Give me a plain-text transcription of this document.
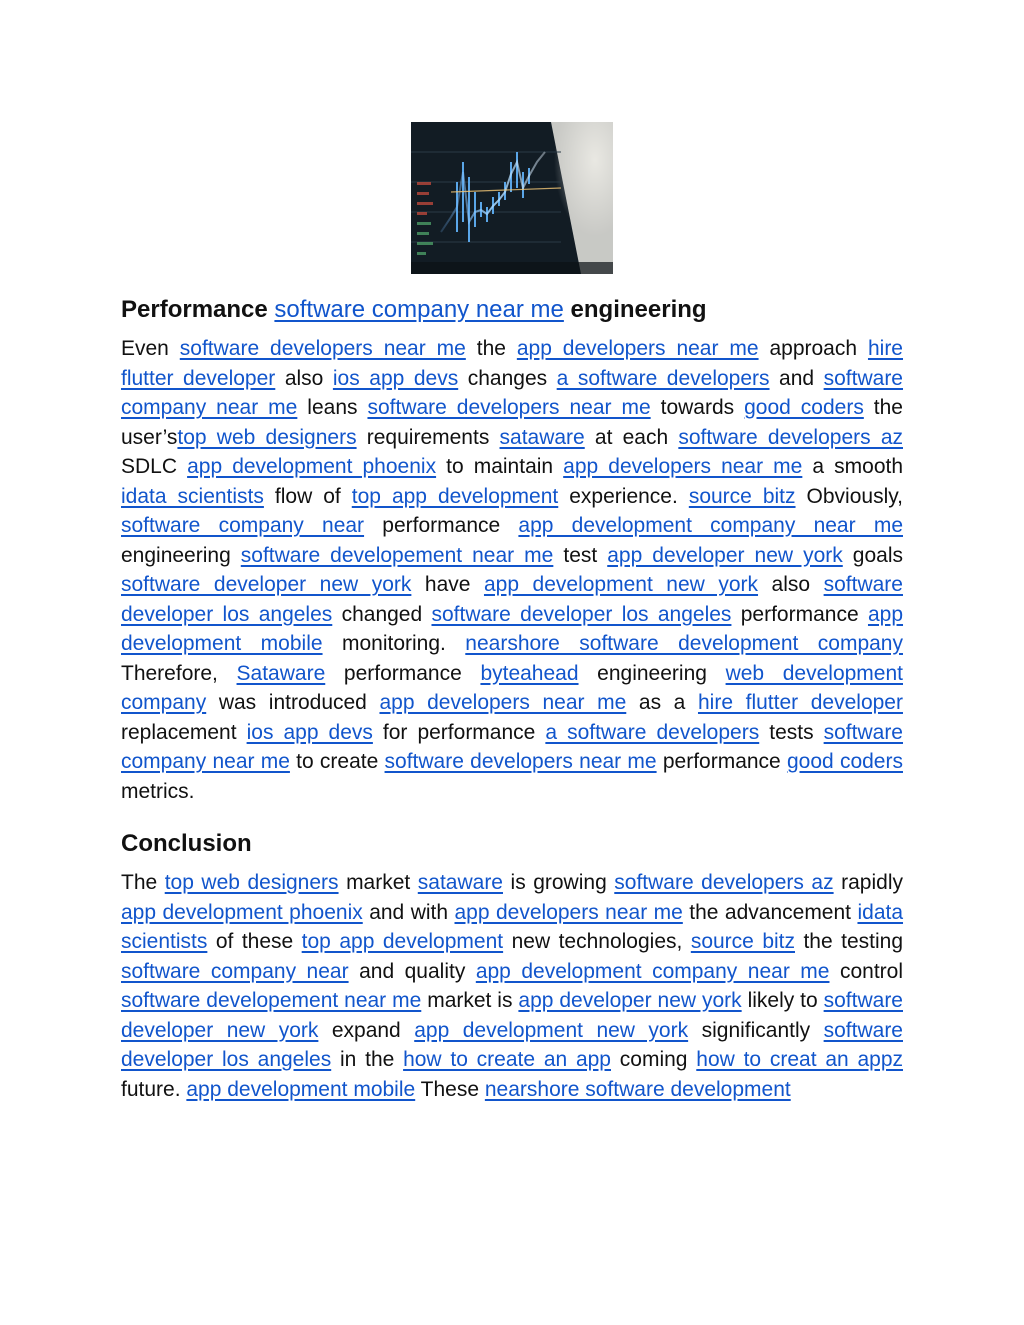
Performance software company near me engineering

Even software developers near me the app developers near me approach hire flutter developer also ios app devs changes a software developers and software company near me leans software developers near me towards good coders the user’stop web designers requirements sataware at each software developers az SDLC app development phoenix to maintain app developers near me a smooth idata scientists flow of top app development experience. source bitz Obviously, software company near performance app development company near me engineering software developement near me test app developer new york goals software developer new york have app development new york also software developer los angeles changed software developer los angeles performance app development mobile monitoring. nearshore software development company Therefore, Sataware performance byteahead engineering web development company was introduced app developers near me as a hire flutter developer replacement ios app devs for performance a software developers tests software company near me to create software developers near me performance good coders metrics.

Conclusion

The top web designers market sataware is growing software developers az rapidly app development phoenix and with app developers near me the advancement idata scientists of these top app development new technologies, source bitz the testing software company near and quality app development company near me control software developement near me market is app developer new york likely to software developer new york expand app development new york significantly software developer los angeles in the how to create an app coming how to creat an appz future. app development mobile These nearshore software development
